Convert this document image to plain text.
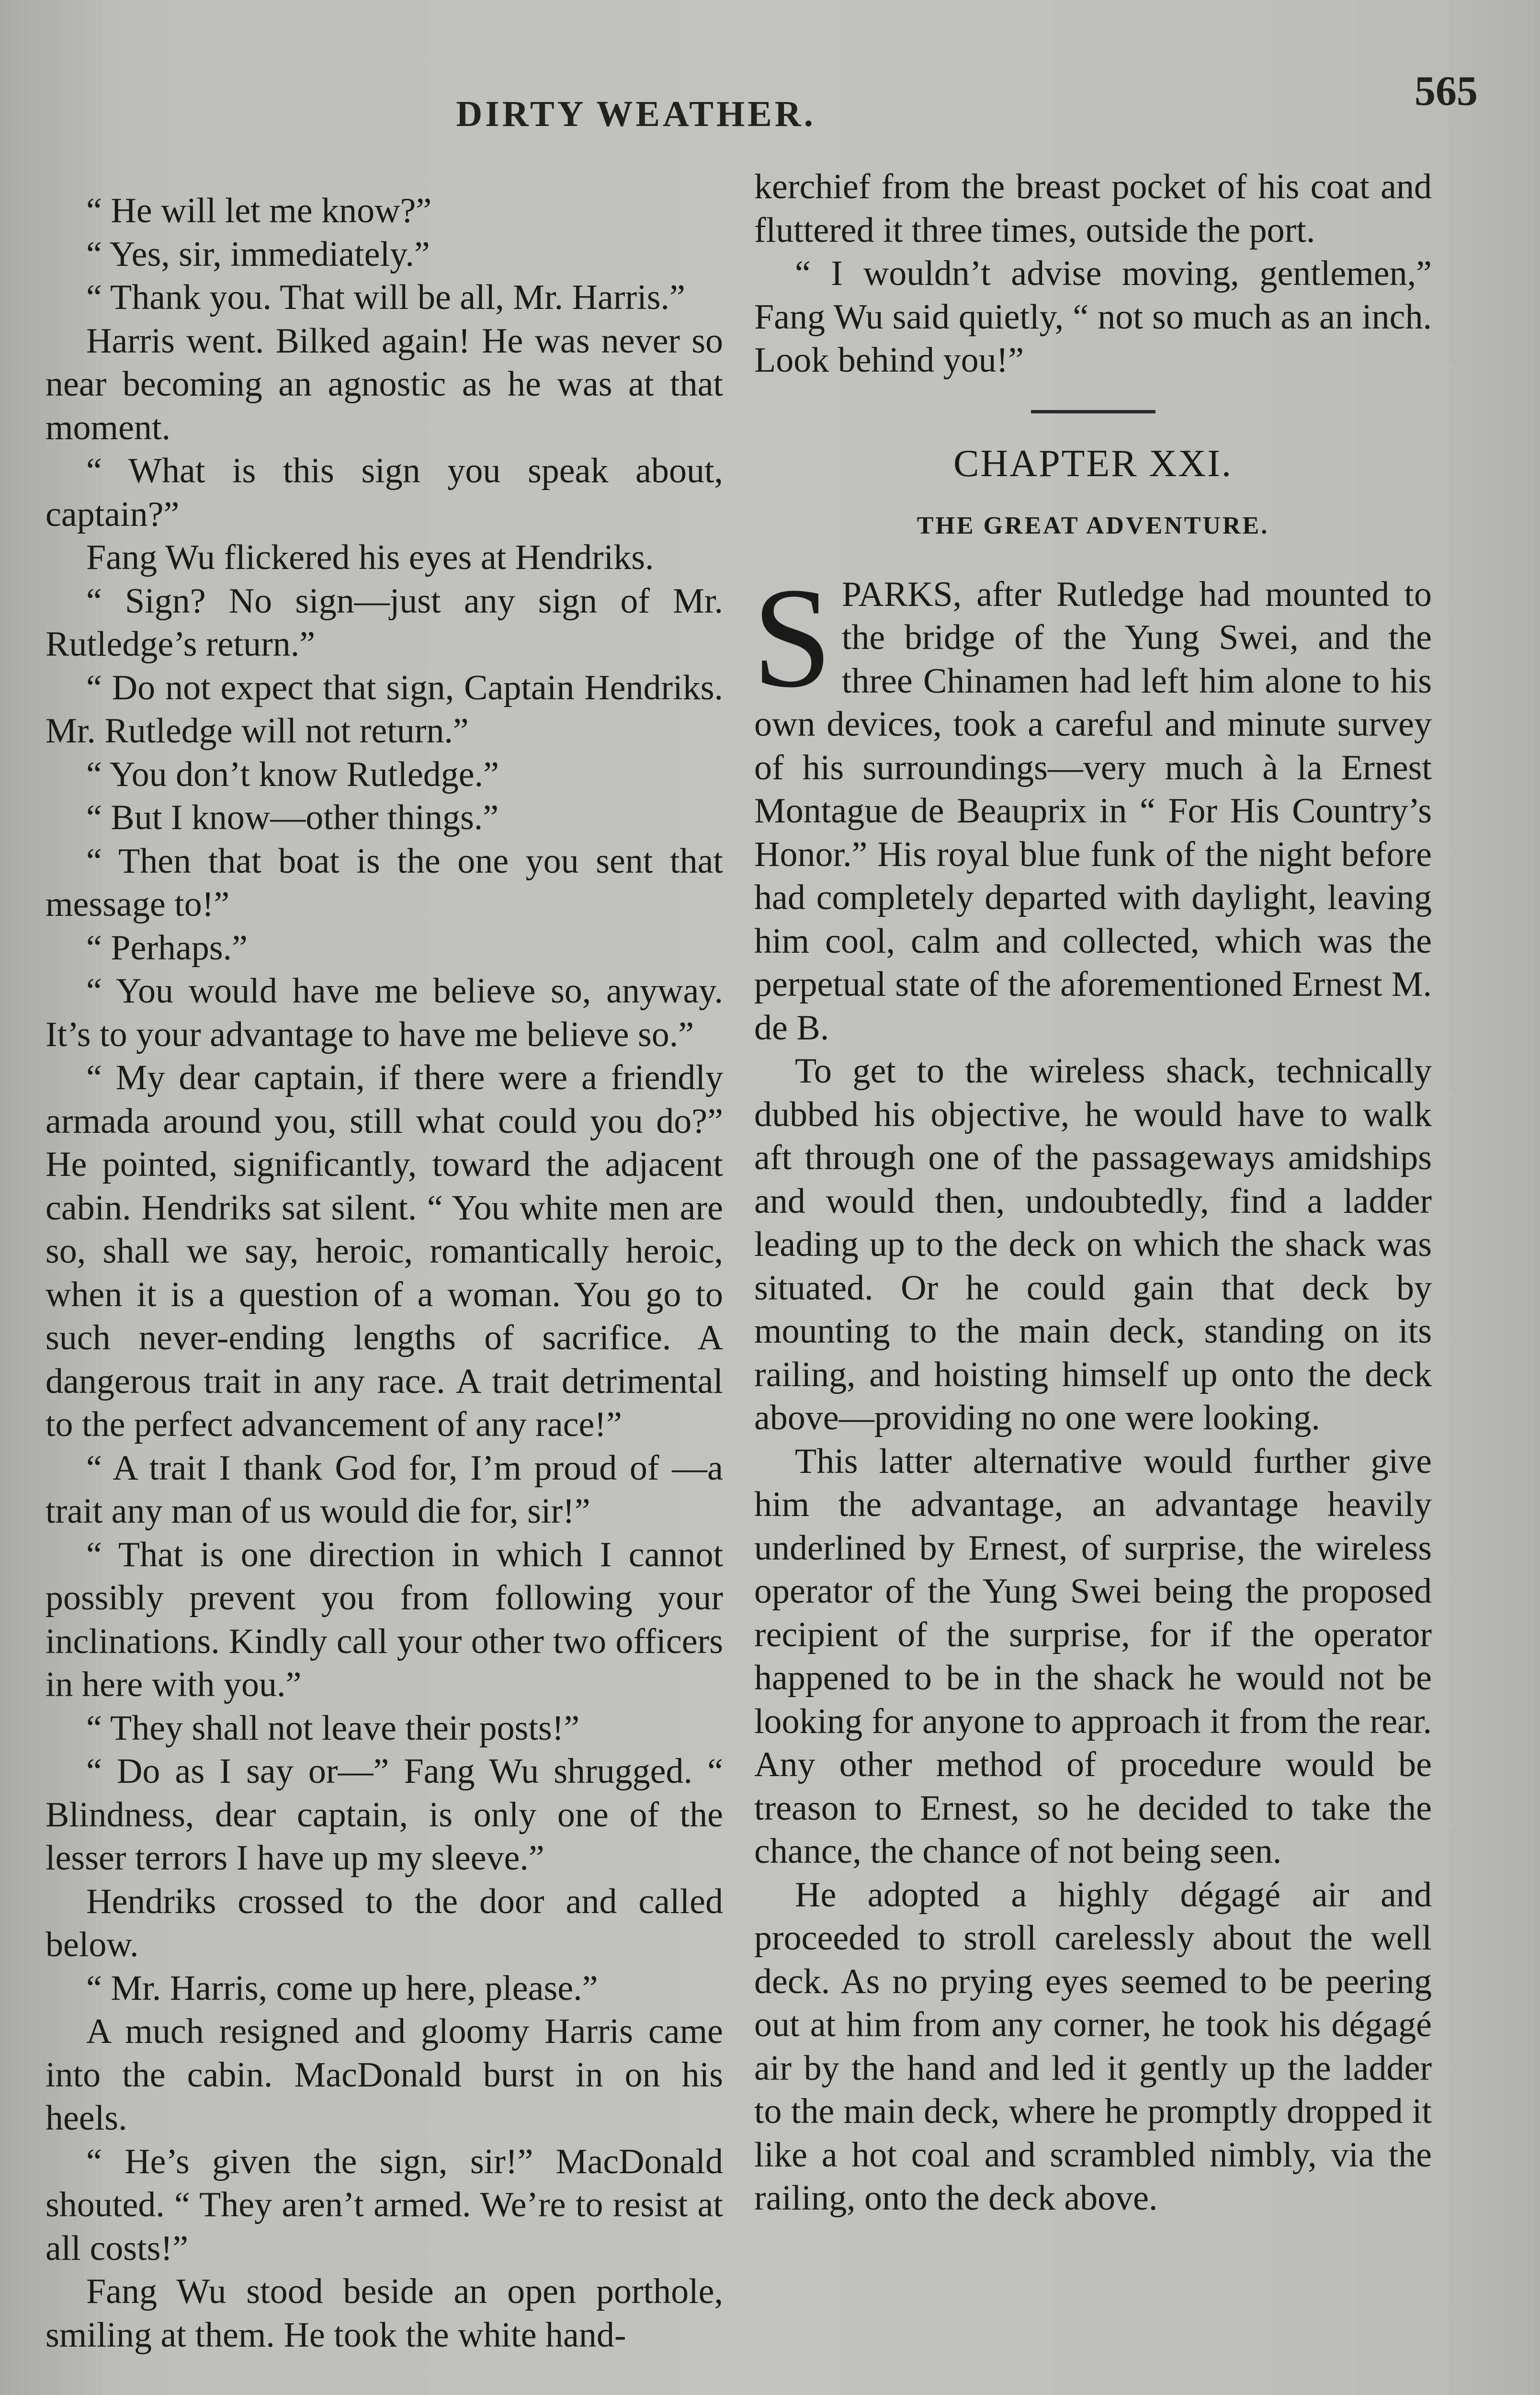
DIRTY WEATHER.	565

“ He will let me know?”

“ Yes, sir, immediately.”

“ Thank you. That will be all, Mr. Harris.”

Harris went. Bilked again! He was never so near becoming an agnostic as he was at that moment.

“ What is this sign you speak about, captain?”

Fang Wu flickered his eyes at Hendriks.

“ Sign? No sign—just any sign of Mr. Rutledge’s return.”

“ Do not expect that sign, Captain Hendriks. Mr. Rutledge will not return.”

“ You don’t know Rutledge.”

“ But I know—other things.”

“ Then that boat is the one you sent that message to!”

“ Perhaps.”

“ You would have me believe so, anyway. It’s to your advantage to have me believe so.”

“ My dear captain, if there were a friendly armada around you, still what could you do?” He pointed, significantly, toward the adjacent cabin. Hendriks sat silent. “ You white men are so, shall we say, heroic, romantically heroic, when it is a question of a woman. You go to such never-ending lengths of sacrifice. A dangerous trait in any race. A trait detrimental to the perfect advancement of any race!”

“ A trait I thank God for, I’m proud of —a trait any man of us would die for, sir!”

“ That is one direction in which I cannot possibly prevent you from following your inclinations. Kindly call your other two officers in here with you.”

“ They shall not leave their posts!”

“ Do as I say or—” Fang Wu shrugged. “ Blindness, dear captain, is only one of the lesser terrors I have up my sleeve.”

Hendriks crossed to the door and called below.

“ Mr. Harris, come up here, please.”

A much resigned and gloomy Harris came into the cabin. MacDonald burst in on his heels.

“ He’s given the sign, sir!” MacDonald shouted. “ They aren’t armed. We’re to resist at all costs!”

Fang Wu stood beside an open porthole, smiling at them. He took the white hand-

kerchief from the breast pocket of his coat and fluttered it three times, outside the port.

“ I wouldn’t advise moving, gentlemen,” Fang Wu said quietly, “ not so much as an inch. Look behind you!”

CHAPTER XXI.
THE GREAT ADVENTURE.

SPARKS, after Rutledge had mounted to the bridge of the Yung Swei, and the three Chinamen had left him alone to his own devices, took a careful and minute survey of his surroundings—very much à la Ernest Montague de Beauprix in “ For His Country’s Honor.” His royal blue funk of the night before had completely departed with daylight, leaving him cool, calm and collected, which was the perpetual state of the aforementioned Ernest M. de B.

To get to the wireless shack, technically dubbed his objective, he would have to walk aft through one of the passageways amidships and would then, undoubtedly, find a ladder leading up to the deck on which the shack was situated. Or he could gain that deck by mounting to the main deck, standing on its railing, and hoisting himself up onto the deck above—providing no one were looking.

This latter alternative would further give him the advantage, an advantage heavily underlined by Ernest, of surprise, the wireless operator of the Yung Swei being the proposed recipient of the surprise, for if the operator happened to be in the shack he would not be looking for anyone to approach it from the rear. Any other method of procedure would be treason to Ernest, so he decided to take the chance, the chance of not being seen.

He adopted a highly dégagé air and proceeded to stroll carelessly about the well deck. As no prying eyes seemed to be peering out at him from any corner, he took his dégagé air by the hand and led it gently up the ladder to the main deck, where he promptly dropped it like a hot coal and scrambled nimbly, via the railing, onto the deck above.
